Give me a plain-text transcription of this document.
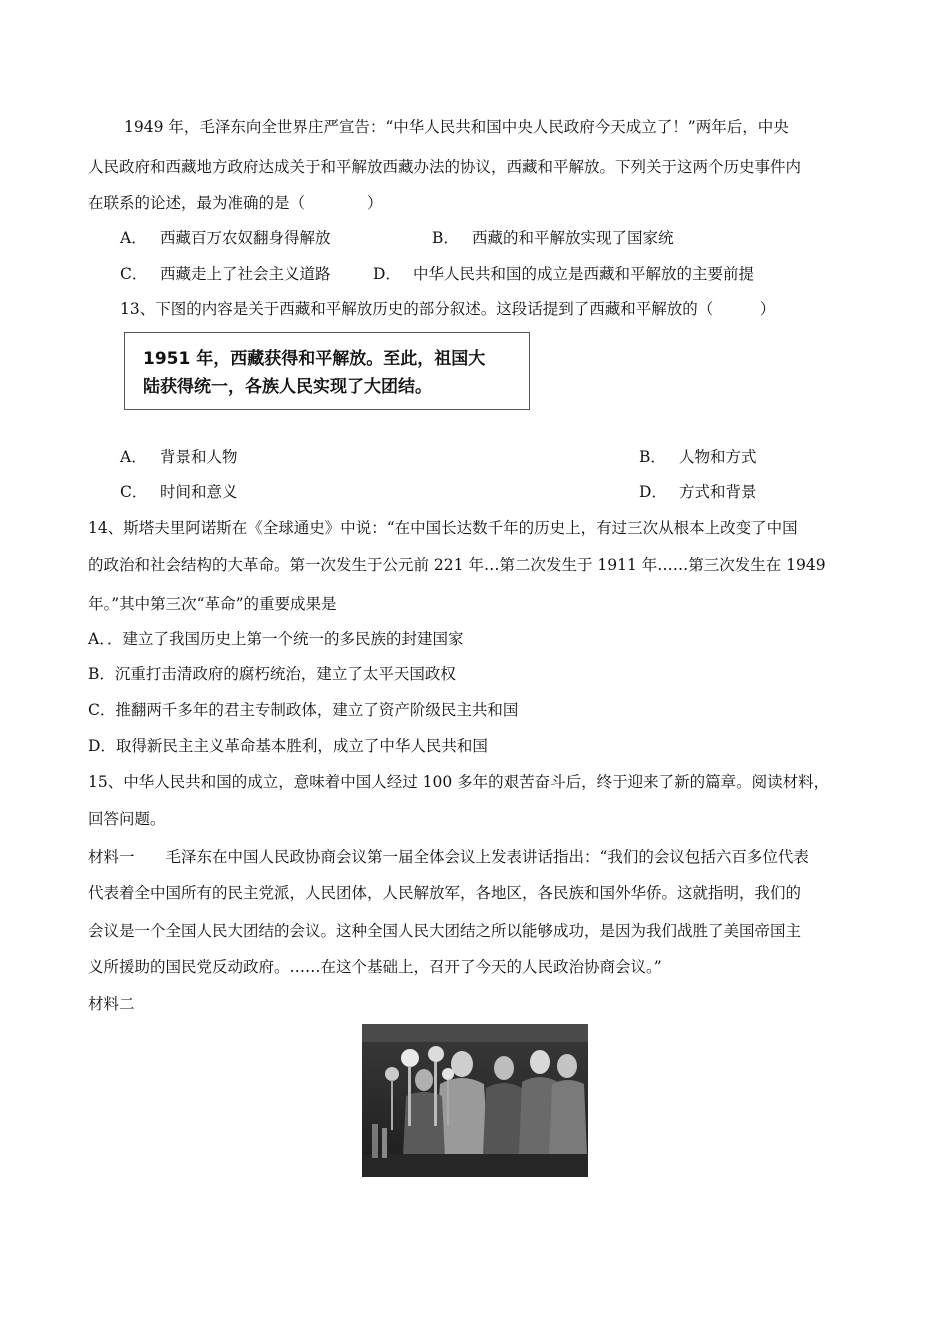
1949 年，毛泽东向全世界庄严宣告：“中华人民共和国中央人民政府今天成立了！”两年后，中央
人民政府和西藏地方政府达成关于和平解放西藏办法的协议，西藏和平解放。下列关于这两个历史事件内
在联系的论述，最为准确的是（　　　　）
A． 西藏百万农奴翻身得解放	B． 西藏的和平解放实现了国家统
C． 西藏走上了社会主义道路	D． 中华人民共和国的成立是西藏和平解放的主要前提
13、下图的内容是关于西藏和平解放历史的部分叙述。这段话提到了西藏和平解放的（　　　）
1951 年，西藏获得和平解放。至此，祖国大
陆获得统一，各族人民实现了大团结。
A． 背景和人物	B． 人物和方式
C． 时间和意义	D． 方式和背景
14、斯塔夫里阿诺斯在《全球通史》中说：“在中国长达数千年的历史上，有过三次从根本上改变了中国
的政治和社会结构的大革命。第一次发生于公元前 221 年…第二次发生于 1911 年……第三次发生在 1949
年。”其中第三次“革命”的重要成果是
A．．建立了我国历史上第一个统一的多民族的封建国家
B．沉重打击清政府的腐朽统治，建立了太平天国政权
C．推翻两千多年的君主专制政体，建立了资产阶级民主共和国
D．取得新民主主义革命基本胜利，成立了中华人民共和国
15、中华人民共和国的成立，意味着中国人经过 100 多年的艰苦奋斗后，终于迎来了新的篇章。阅读材料，
回答问题。
材料一　　毛泽东在中国人民政协商会议第一届全体会议上发表讲话指出：“我们的会议包括六百多位代表
代表着全中国所有的民主党派，人民团体，人民解放军，各地区，各民族和国外华侨。这就指明，我们的
会议是一个全国人民大团结的会议。这种全国人民大团结之所以能够成功，是因为我们战胜了美国帝国主
义所援助的国民党反动政府。……在这个基础上，召开了今天的人民政治协商会议。”
材料二
